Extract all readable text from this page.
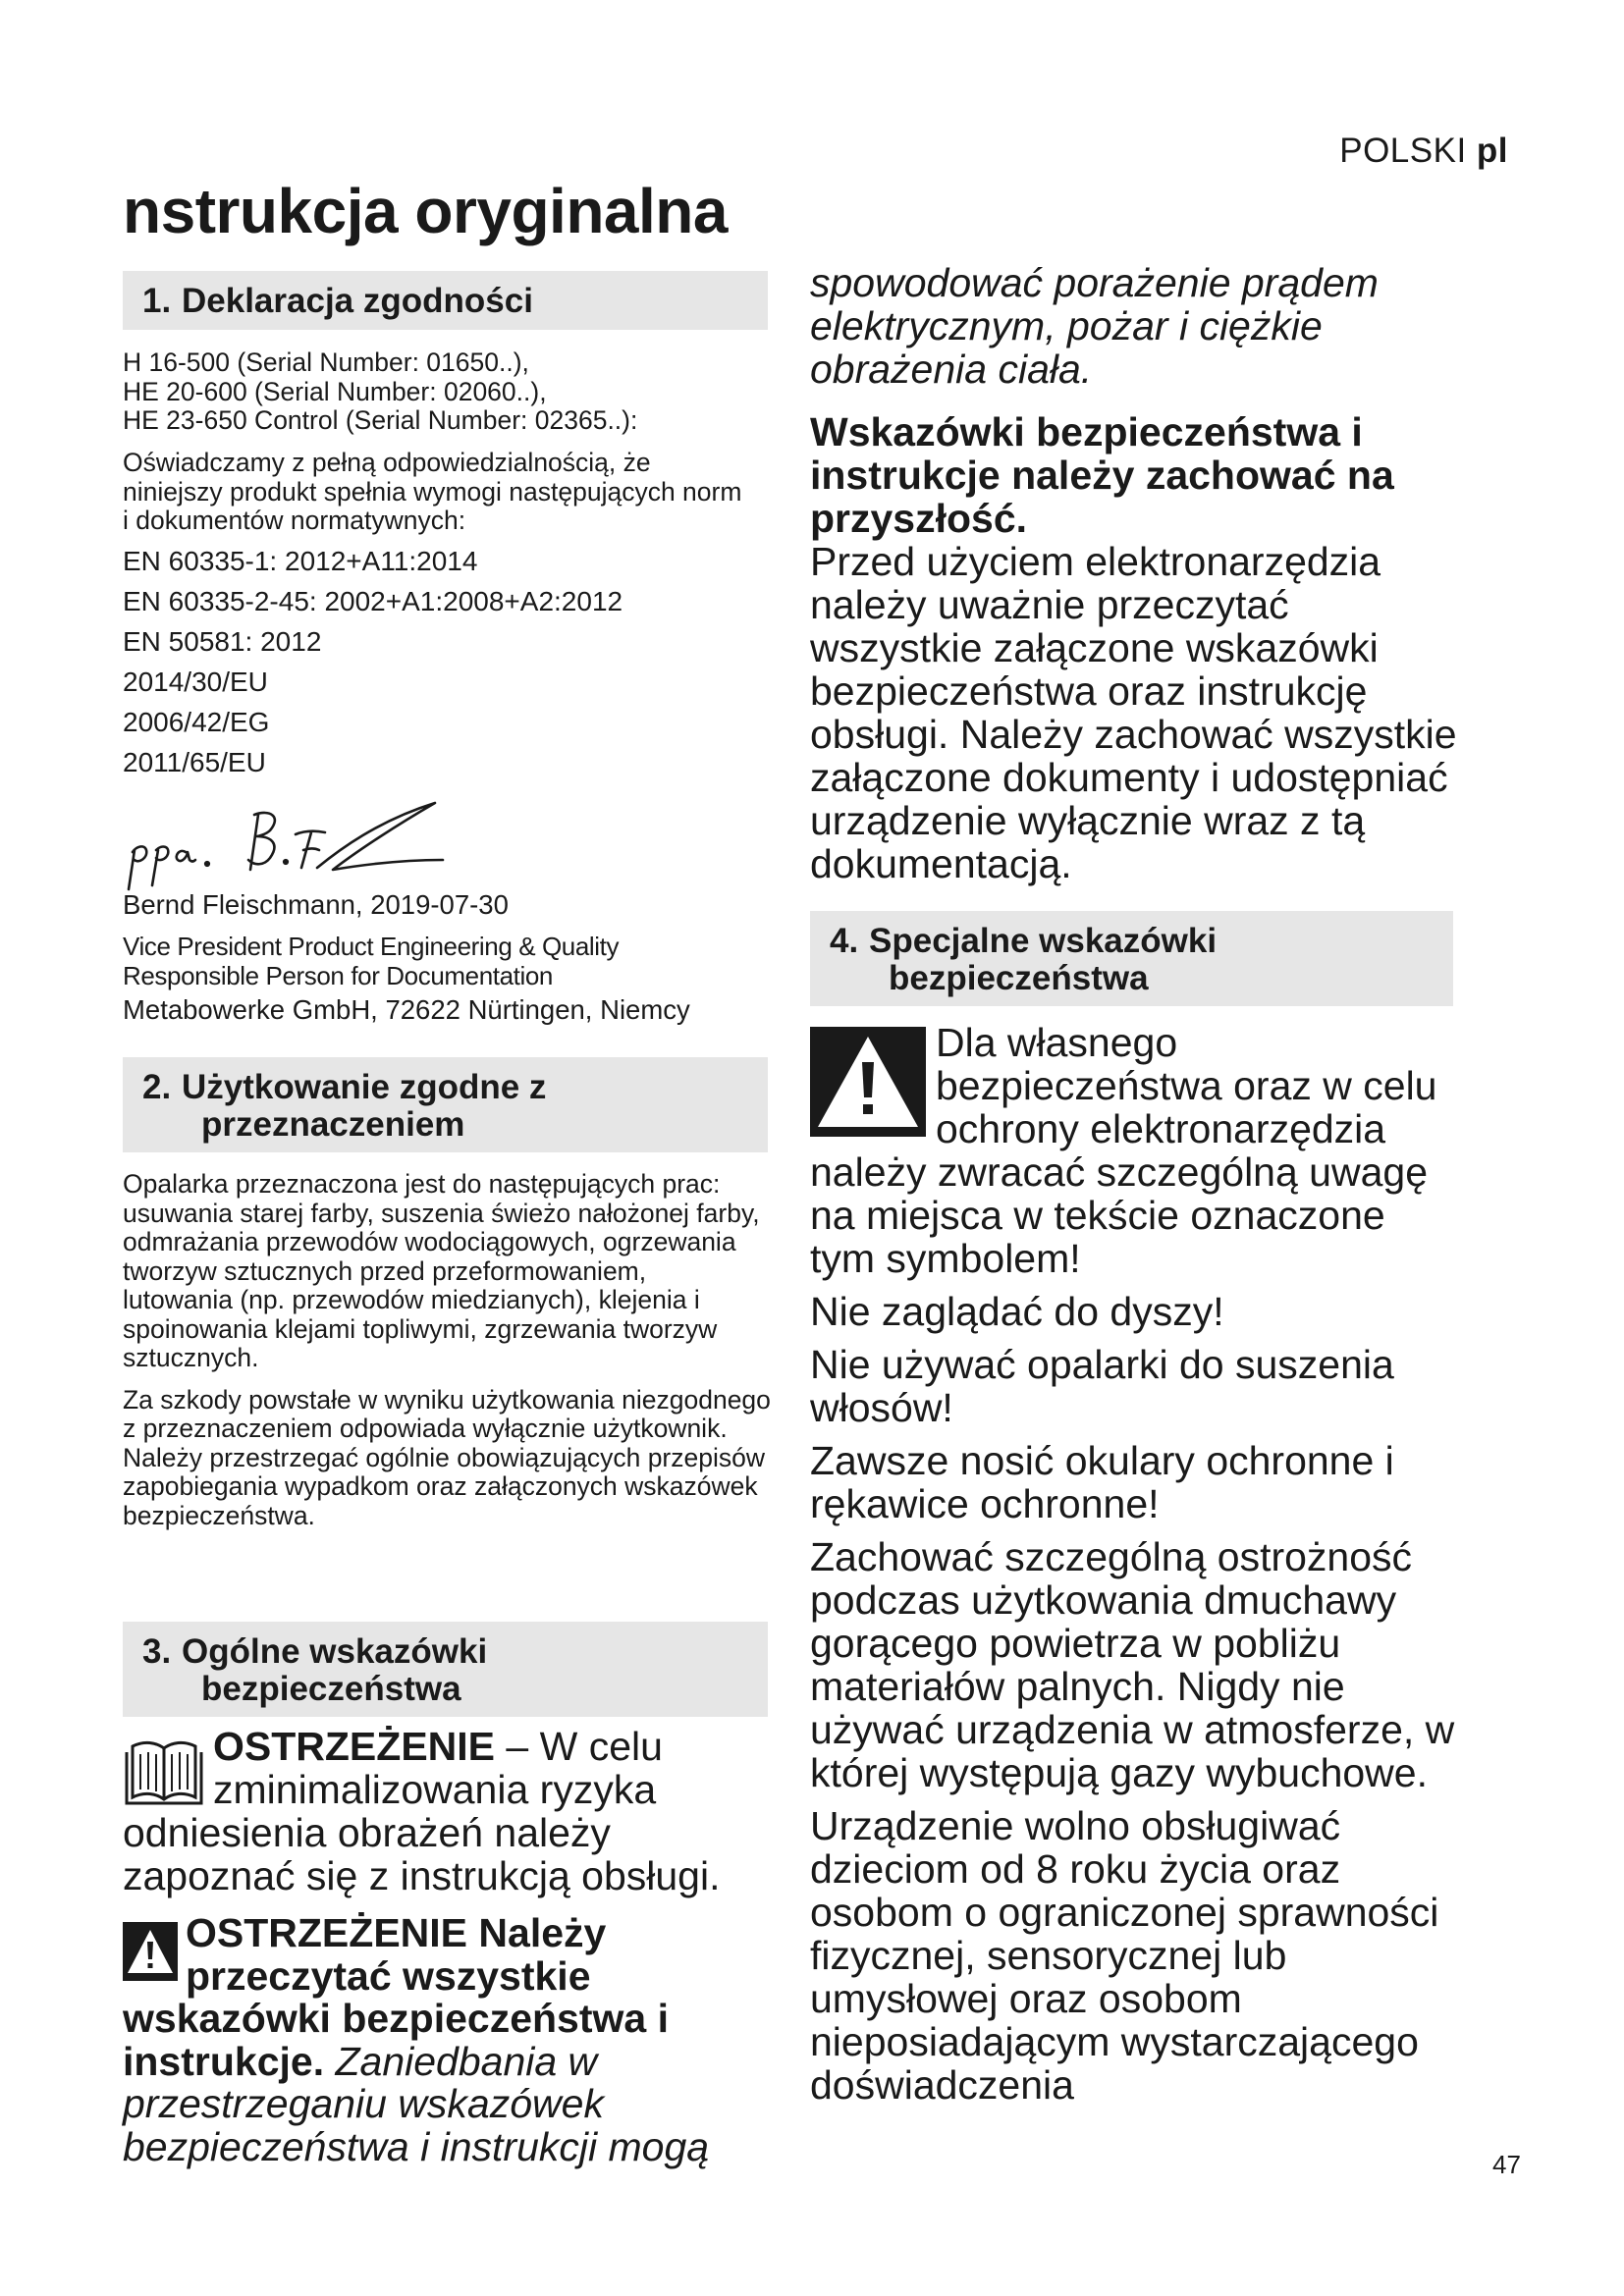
POLSKI pl
nstrukcja oryginalna
1. Deklaracja zgodności
H 16-500 (Serial Number: 01650..),
HE 20-600 (Serial Number: 02060..),
HE 23-650 Control (Serial Number: 02365..):

Oświadczamy z pełną odpowiedzialnością, że niniejszy produkt spełnia wymogi następujących norm i dokumentów normatywnych:

EN 60335-1: 2012+A11:2014
EN 60335-2-45: 2002+A1:2008+A2:2012
EN 50581: 2012
2014/30/EU
2006/42/EG
2011/65/EU
Bernd Fleischmann, 2019-07-30
Vice President Product Engineering & Quality
Responsible Person for Documentation
Metabowerke GmbH, 72622 Nürtingen, Niemcy
2. Użytkowanie zgodne z
przeznaczeniem

Opalarka przeznaczona jest do następujących prac:

usuwania starej farby, suszenia świeżo nałożonej farby, odmrażania przewodów wodociągowych, ogrzewania tworzyw sztucznych przed przeformowaniem, lutowania (np. przewodów miedzianych), klejenia i spoinowania klejami topliwymi, zgrzewania tworzyw sztucznych.

Za szkody powstałe w wyniku użytkowania niezgodnego z przeznaczeniem odpowiada wyłącznie użytkownik. Należy przestrzegać ogólnie obowiązujących przepisów zapobiegania wypadkom oraz załączonych wskazówek bezpieczeństwa.

3. Ogólne wskazówki
bezpieczeństwa
OSTRZEŻENIE – W celu zminimalizowania ryzyka odniesienia obrażeń należy zapoznać się z instrukcją obsługi.
OSTRZEŻENIE Należy przeczytać wszystkie wskazówki bezpieczeństwa i instrukcje. Zaniedbania w przestrzeganiu wskazówek bezpieczeństwa i instrukcji mogą
spowodować porażenie prądem elektrycznym, pożar i ciężkie obrażenia ciała.
Wskazówki bezpieczeństwa i instrukcje należy zachować na przyszłość.
Przed użyciem elektronarzędzia należy uważnie przeczytać wszystkie załączone wskazówki bezpieczeństwa oraz instrukcję obsługi. Należy zachować wszystkie załączone dokumenty i udostępniać urządzenie wyłącznie wraz z tą dokumentacją.
4. Specjalne wskazówki
bezpieczeństwa

Dla własnego bezpieczeństwa oraz w celu ochrony elektronarzędzia należy zwracać szczególną uwagę na miejsca w tekście oznaczone tym symbolem!

Nie zaglądać do dyszy!

Nie używać opalarki do suszenia włosów!

Zawsze nosić okulary ochronne i rękawice ochronne!

Zachować szczególną ostrożność podczas użytkowania dmuchawy gorącego powietrza w pobliżu materiałów palnych. Nigdy nie używać urządzenia w atmosferze, w której występują gazy wybuchowe.

Urządzenie wolno obsługiwać dzieciom od 8 roku życia oraz osobom o ograniczonej sprawności fizycznej, sensorycznej lub umysłowej oraz osobom nieposiadającym wystarczającego doświadczenia

47
